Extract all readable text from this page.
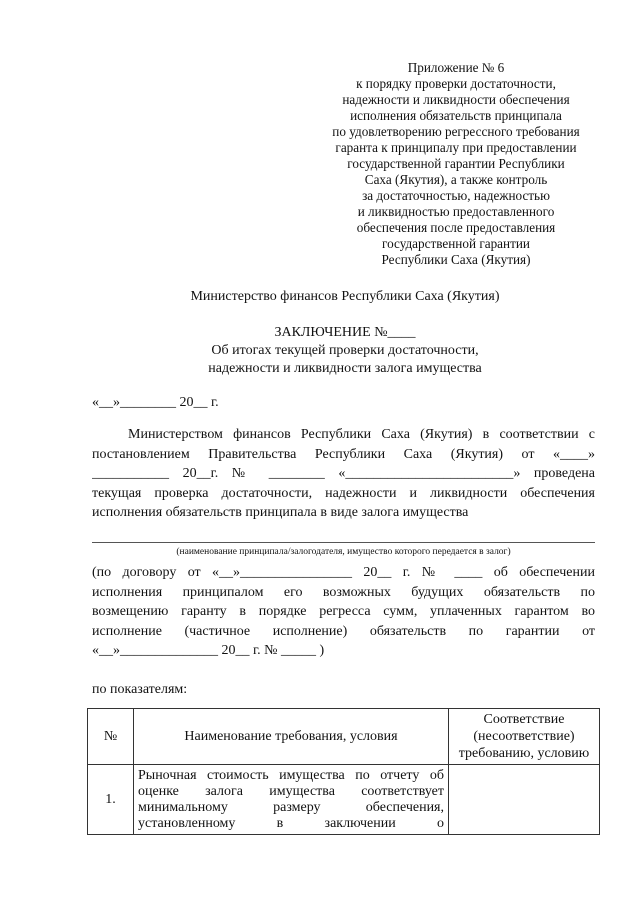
Приложение № 6
к порядку проверки достаточности,
надежности и ликвидности обеспечения
исполнения обязательств принципала
по удовлетворению регрессного требования
гаранта к принципалу при предоставлении
государственной гарантии Республики
Саха (Якутия), а также контроль
за достаточностью, надежностью
и ликвидностью предоставленного
обеспечения после предоставления
государственной гарантии
Республики Саха (Якутия)
Министерство финансов Республики Саха (Якутия)
ЗАКЛЮЧЕНИЕ №____
Об итогах текущей проверки достаточности,
надежности и ликвидности залога имущества
«__»________ 20__ г.
Министерством финансов Республики Саха (Якутия) в соответствии с
постановлением Правительства Республики Саха (Якутия) от «____»
___________ 20__г. № ________ «________________________» проведена
текущая проверка достаточности, надежности и ликвидности обеспечения
исполнения обязательств принципала в виде залога имущества
(наименование принципала/залогодателя, имущество которого передается в залог)
(по договору от «__»________________ 20__ г. № ____ об обеспечении
исполнения принципалом его возможных будущих обязательств по
возмещению гаранту в порядке регресса сумм, уплаченных гарантом во
исполнение (частичное исполнение) обязательств по гарантии от
«__»______________ 20__ г. № _____ )
по показателям:
№	Наименование требования, условия	Соответствие
(несоответствие)
требованию, условию

1.	Рыночная стоимость имущества по отчету об
оценке залога имущества соответствует
минимальному размеру обеспечения,
установленному в заключении о	
